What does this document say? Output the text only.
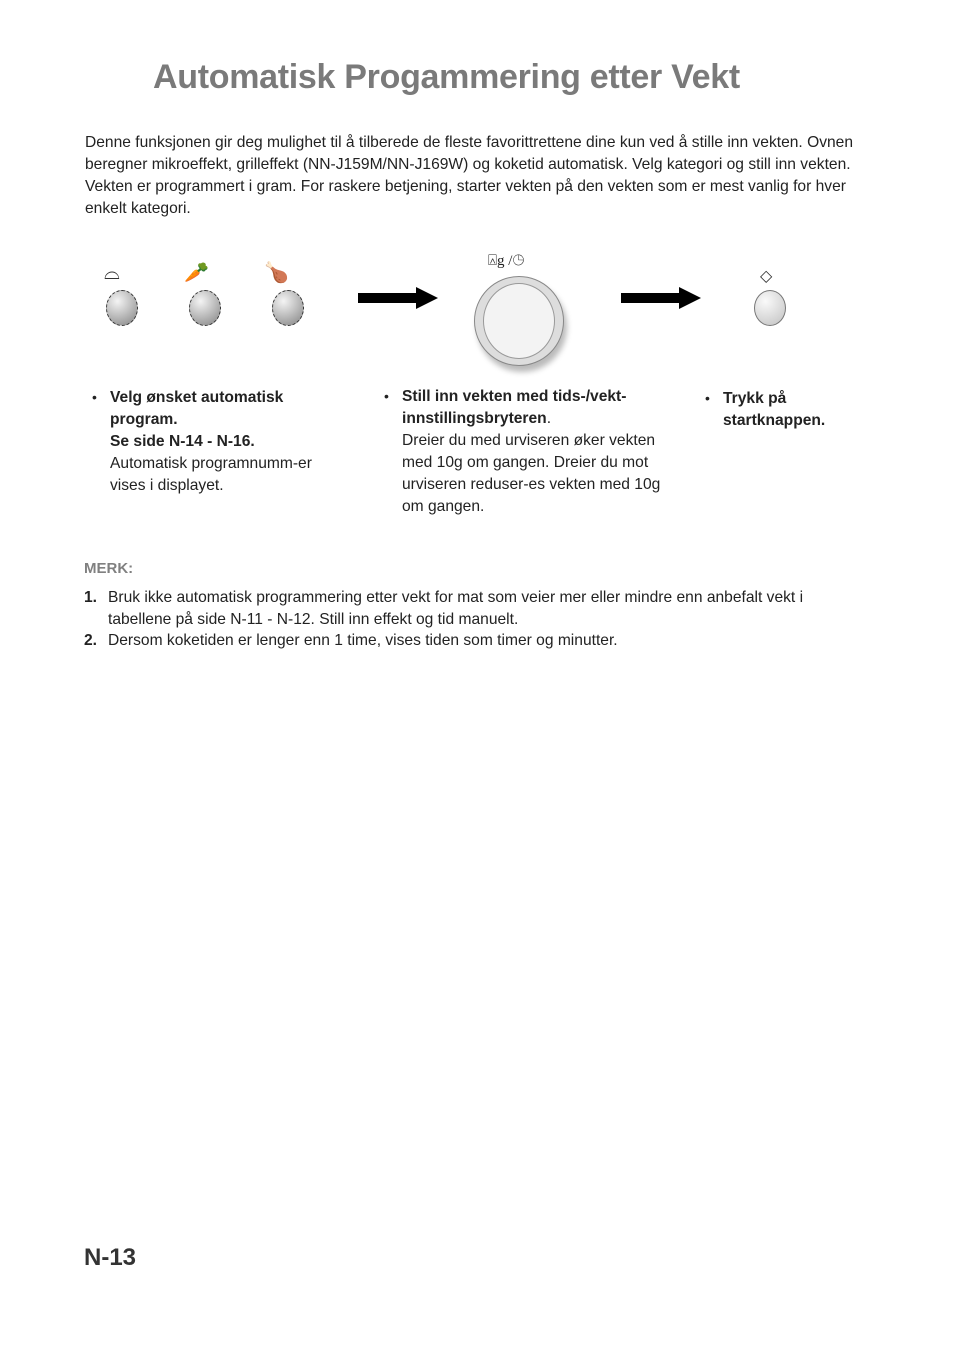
Automatisk Progammering etter Vekt
Denne funksjonen gir deg mulighet til å tilberede de fleste favorittrettene dine kun ved å stille inn vekten. Ovnen beregner mikroeffekt, grilleffekt (NN-J159M/NN-J169W) og koketid automatisk. Velg kategori og still inn vekten. Vekten er programmert i gram. For raskere betjening, starter vekten på den vekten som er mest vanlig for hver enkelt kategori.
⌓	🥕	🍗
⍓g /◷
◇
• Velg ønsket automatisk program.
Se side N-14 - N-16.
Automatisk programnumm-er vises i displayet.
• Still inn vekten med tids-/vekt-innstillingsbryteren.
Dreier du med urviseren øker vekten med 10g om gangen. Dreier du mot urviseren reduser-es vekten med 10g om gangen.
• Trykk på startknappen.
MERK:
1. Bruk ikke automatisk programmering etter vekt for mat som veier mer eller mindre enn anbefalt vekt i tabellene på side N-11 - N-12. Still inn effekt og tid manuelt.
2. Dersom koketiden er lenger enn 1 time, vises tiden som timer og minutter.
N-13
